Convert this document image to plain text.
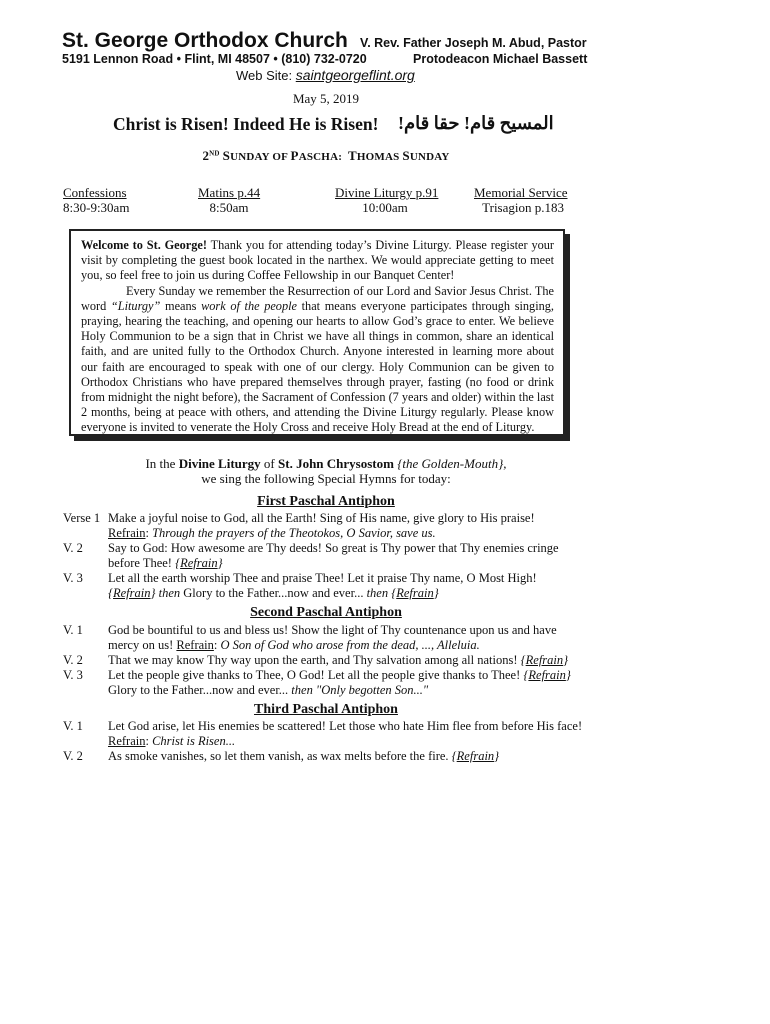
St. George Orthodox Church V. Rev. Father Joseph M. Abud, Pastor
5191 Lennon Road • Flint, MI 48507 • (810) 732-0720	Protodeacon Michael Bassett
Web Site: saintgeorgeflint.org
May 5, 2019
Christ is Risen! Indeed He is Risen! المسيح قام! حقا قام!
2ND SUNDAY OF PASCHA: THOMAS SUNDAY
Confessions
8:30-9:30am
Matins p.44
8:50am
Divine Liturgy p.91
10:00am
Memorial Service
Trisagion p.183

Welcome to St. George! Thank you for attending today’s Divine Liturgy. Please register your visit by completing the guest book located in the narthex. We would appreciate getting to meet you, so feel free to join us during Coffee Fellowship in our Banquet Center!

Every Sunday we remember the Resurrection of our Lord and Savior Jesus Christ. The word “Liturgy” means work of the people that means everyone participates through singing, praying, hearing the teaching, and opening our hearts to allow God’s grace to enter. We believe Holy Communion to be a sign that in Christ we have all things in common, share an identical faith, and are united fully to the Orthodox Church. Anyone interested in learning more about our faith are encouraged to speak with one of our clergy. Holy Communion can be given to Orthodox Christians who have prepared themselves through prayer, fasting (no food or drink from midnight the night before), the Sacrament of Confession (7 years and older) within the last 2 months, being at peace with others, and attending the Divine Liturgy regularly. Please know everyone is invited to venerate the Holy Cross and receive Holy Bread at the end of Liturgy.

In the Divine Liturgy of St. John Chrysostom {the Golden-Mouth},
we sing the following Special Hymns for today:
First Paschal Antiphon
Verse 1 Make a joyful noise to God, all the Earth! Sing of His name, give glory to His praise!
Refrain: Through the prayers of the Theotokos, O Savior, save us.
V. 2 Say to God: How awesome are Thy deeds! So great is Thy power that Thy enemies cringe
before Thee! {Refrain}
V. 3 Let all the earth worship Thee and praise Thee! Let it praise Thy name, O Most High!
{Refrain} then Glory to the Father...now and ever... then {Refrain}
Second Paschal Antiphon
V. 1 God be bountiful to us and bless us! Show the light of Thy countenance upon us and have
mercy on us! Refrain: O Son of God who arose from the dead, ..., Alleluia.
V. 2 That we may know Thy way upon the earth, and Thy salvation among all nations! {Refrain}
V. 3 Let the people give thanks to Thee, O God! Let all the people give thanks to Thee! {Refrain}
Glory to the Father...now and ever... then "Only begotten Son..."
Third Paschal Antiphon
V. 1 Let God arise, let His enemies be scattered! Let those who hate Him flee from before His face!
Refrain: Christ is Risen...
V. 2 As smoke vanishes, so let them vanish, as wax melts before the fire. {Refrain}
